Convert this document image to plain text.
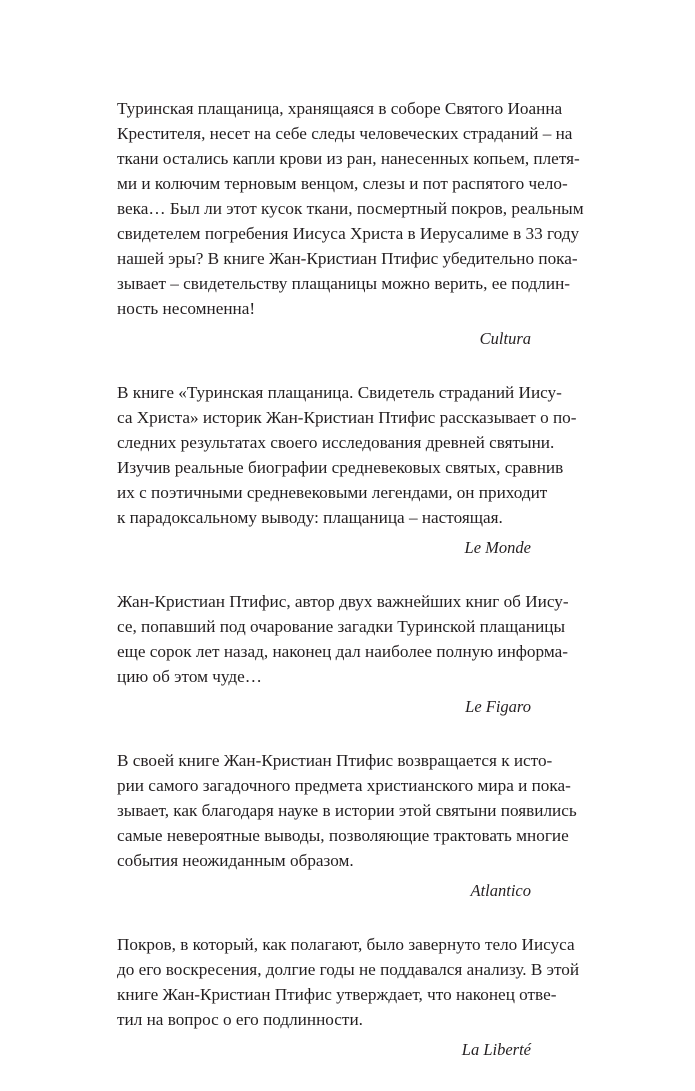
Туринская плащаница, хранящаяся в соборе Святого Иоанна
Крестителя, несет на себе следы человеческих страданий – на
ткани остались капли крови из ран, нанесенных копьем, плетя-
ми и колючим терновым венцом, слезы и пот распятого чело-
века… Был ли этот кусок ткани, посмертный покров, реальным
свидетелем погребения Иисуса Христа в Иерусалиме в 33 году
нашей эры? В книге Жан-Кристиан Птифис убедительно пока-
зывает – свидетельству плащаницы можно верить, ее подлин-
ность несомненна!

Cultura

В книге «Туринская плащаница. Свидетель страданий Иису-
са Христа» историк Жан-Кристиан Птифис рассказывает о по-
следних результатах своего исследования древней святыни.
Изучив реальные биографии средневековых святых, сравнив
их с поэтичными средневековыми легендами, он приходит
к парадоксальному выводу: плащаница – настоящая.

Le Monde

Жан-Кристиан Птифис, автор двух важнейших книг об Иису-
се, попавший под очарование загадки Туринской плащаницы
еще сорок лет назад, наконец дал наиболее полную информа-
цию об этом чуде…

Le Figaro

В своей книге Жан-Кристиан Птифис возвращается к исто-
рии самого загадочного предмета христианского мира и пока-
зывает, как благодаря науке в истории этой святыни появились
самые невероятные выводы, позволяющие трактовать многие
события неожиданным образом.

Atlantico

Покров, в который, как полагают, было завернуто тело Иисуса
до его воскресения, долгие годы не поддавался анализу. В этой
книге Жан-Кристиан Птифис утверждает, что наконец отве-
тил на вопрос о его подлинности.

La Liberté
